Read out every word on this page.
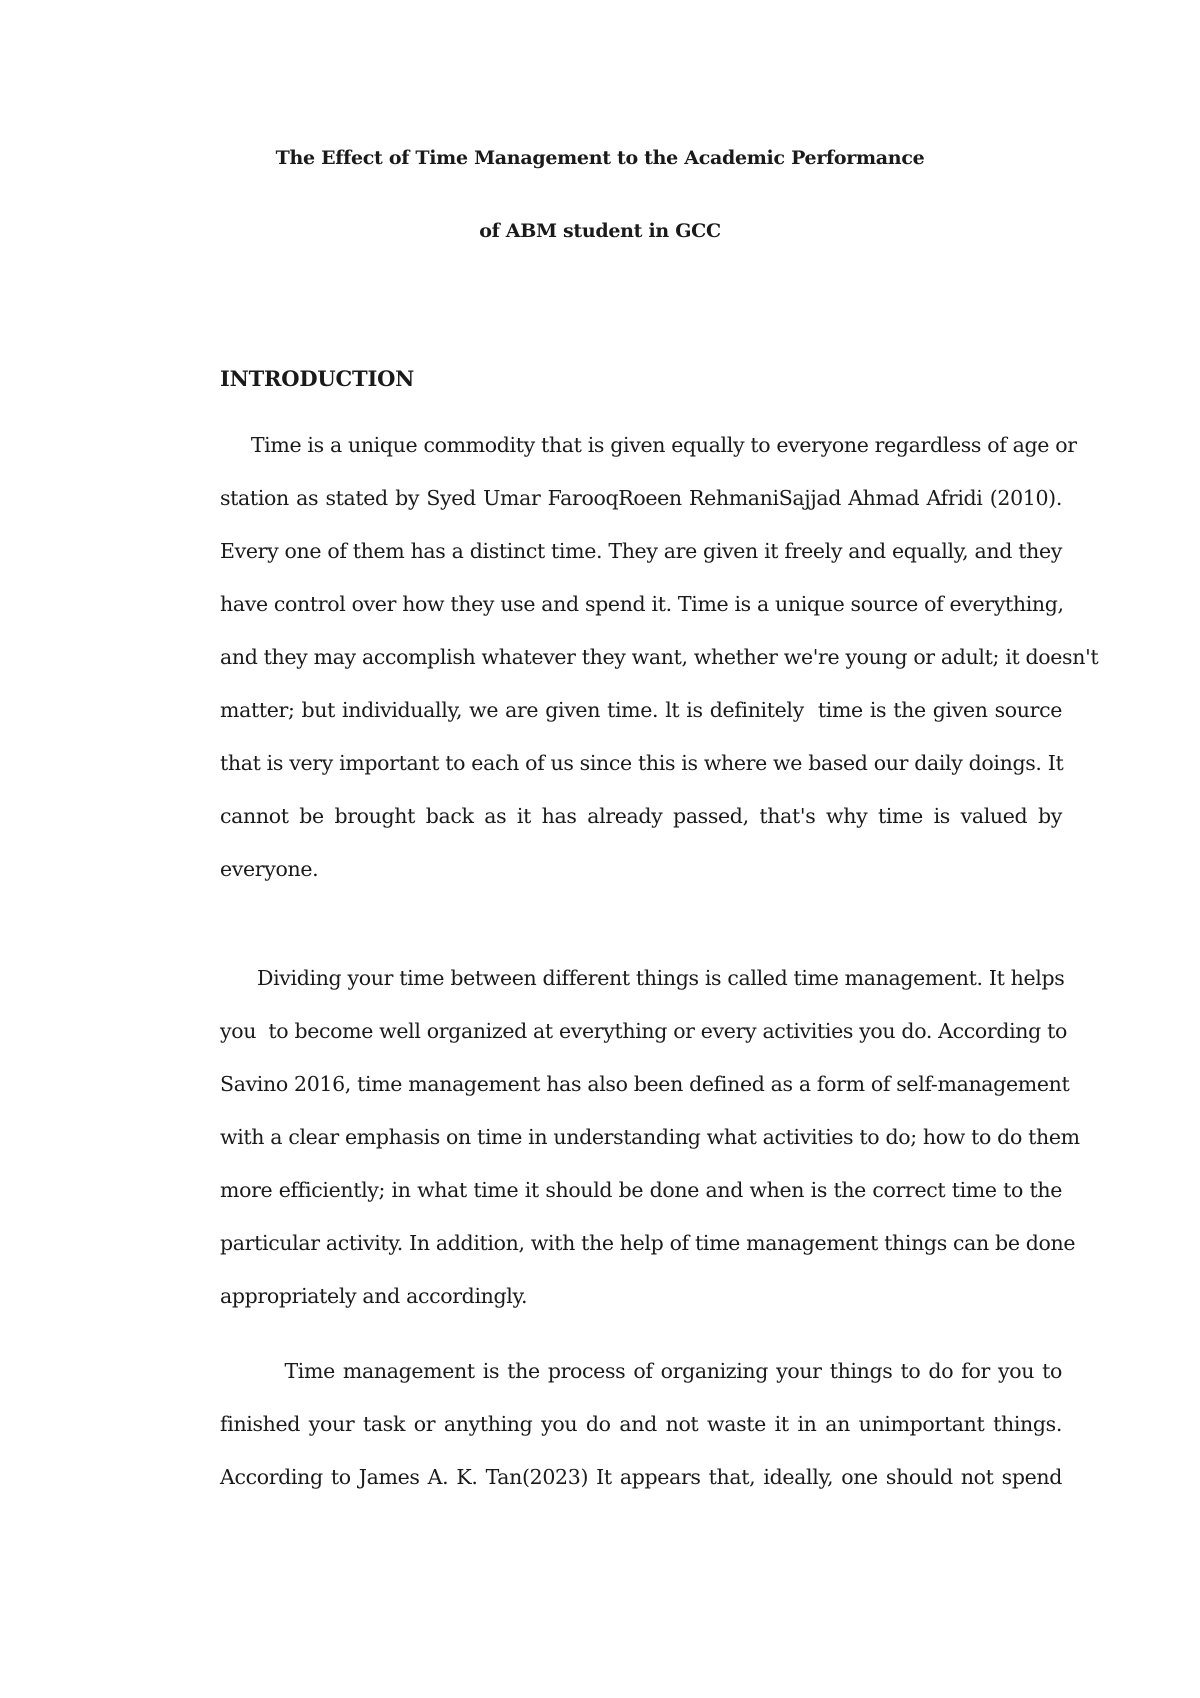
The Effect of Time Management to the Academic Performance
of ABM student in GCC
INTRODUCTION
Time is a unique commodity that is given equally to everyone regardless of age or
station as stated by Syed Umar FarooqRoeen RehmaniSajjad Ahmad Afridi (2010).
Every one of them has a distinct time. They are given it freely and equally, and they
have control over how they use and spend it. Time is a unique source of everything,
and they may accomplish whatever they want, whether we're young or adult; it doesn't
matter; but individually, we are given time. lt is definitely  time is the given source
that is very important to each of us since this is where we based our daily doings. It
cannot be brought back as it has already passed, that's why time is valued by
everyone.
Dividing your time between different things is called time management. It helps
you  to become well organized at everything or every activities you do. According to
Savino 2016, time management has also been defined as a form of self-management
with a clear emphasis on time in understanding what activities to do; how to do them
more efficiently; in what time it should be done and when is the correct time to the
particular activity. In addition, with the help of time management things can be done
appropriately and accordingly.
Time management is the process of organizing your things to do for you to
finished your task or anything you do and not waste it in an unimportant things.
According to James A. K. Tan(2023) It appears that, ideally, one should not spend
